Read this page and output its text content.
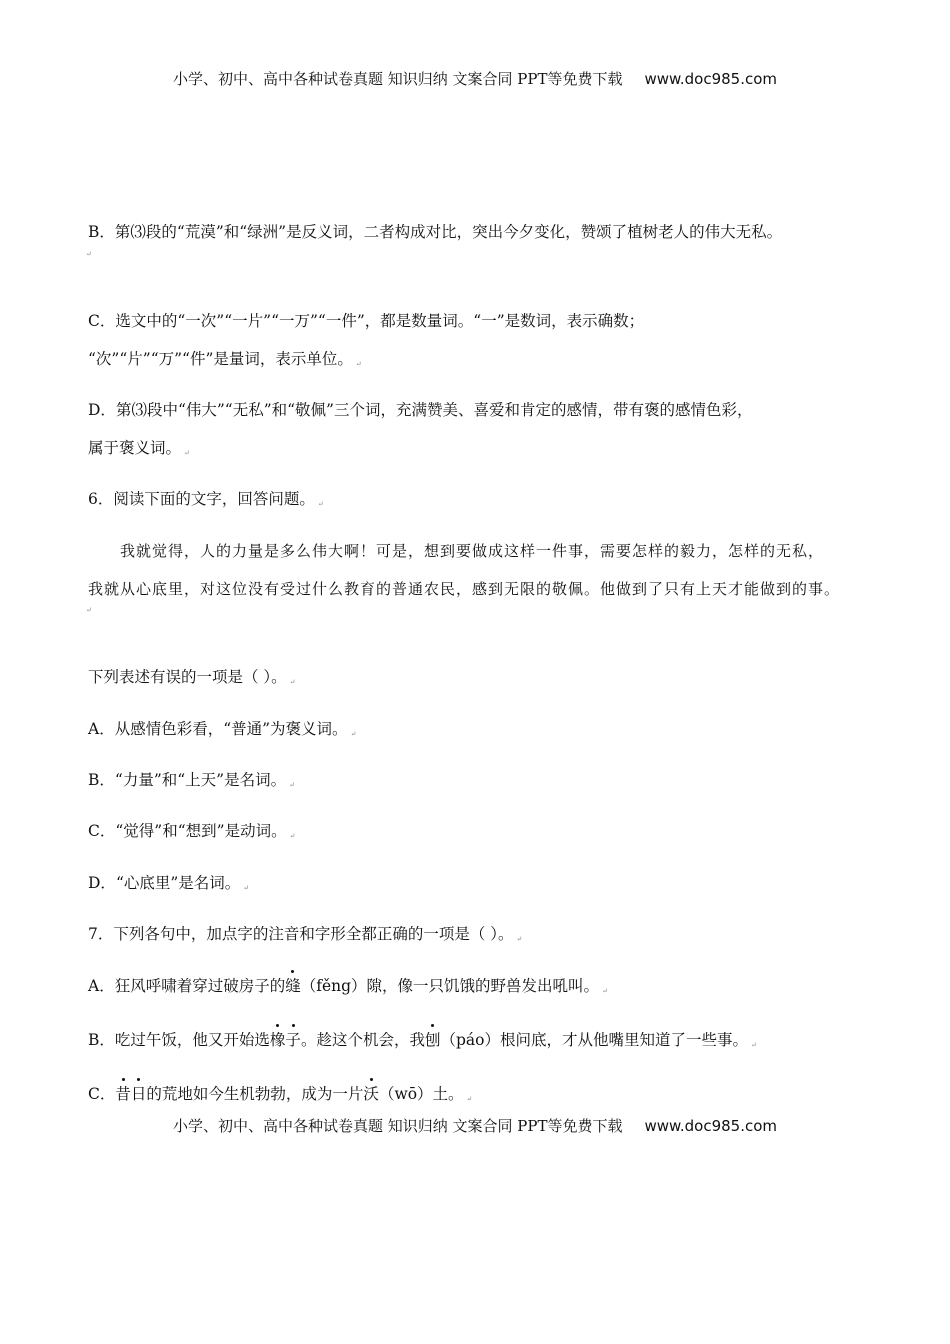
小学、初中、高中各种试卷真题 知识归纳 文案合同 PPT等免费下载 www.doc985.com
B．第⑶段的“荒漠”和“绿洲”是反义词，二者构成对比，突出今夕变化，赞颂了植树老人的伟大无私。
↵
C．选文中的“一次”“一片”“一万”“一件”，都是数量词。“一”是数词，表示确数；
“次”“片”“万”“件”是量词，表示单位。 ↵
D．第⑶段中“伟大”“无私”和“敬佩”三个词，充满赞美、喜爱和肯定的感情，带有褒的感情色彩，
属于褒义词。 ↵
6．阅读下面的文字，回答问题。 ↵
我就觉得，人的力量是多么伟大啊！可是，想到要做成这样一件事，需要怎样的毅力，怎样的无私，
我就从心底里，对这位没有受过什么教育的普通农民，感到无限的敬佩。他做到了只有上天才能做到的事。
↵
下列表述有误的一项是（ ）。 ↵
A．从感情色彩看，“普通”为褒义词。 ↵
B．“力量”和“上天”是名词。 ↵
C．“觉得”和“想到”是动词。 ↵
D．“心底里”是名词。 ↵
7．下列各句中，加点字的注音和字形全都正确的一项是（ ）。 ↵
A．狂风呼啸着穿过破房子的缝（fěng）隙，像一只饥饿的野兽发出吼叫。 ↵
B．吃过午饭，他又开始选橡子。趁这个机会，我刨（páo）根问底，才从他嘴里知道了一些事。 ↵
C．昔日的荒地如今生机勃勃，成为一片沃（wō）土。 ↵
小学、初中、高中各种试卷真题 知识归纳 文案合同 PPT等免费下载 www.doc985.com
